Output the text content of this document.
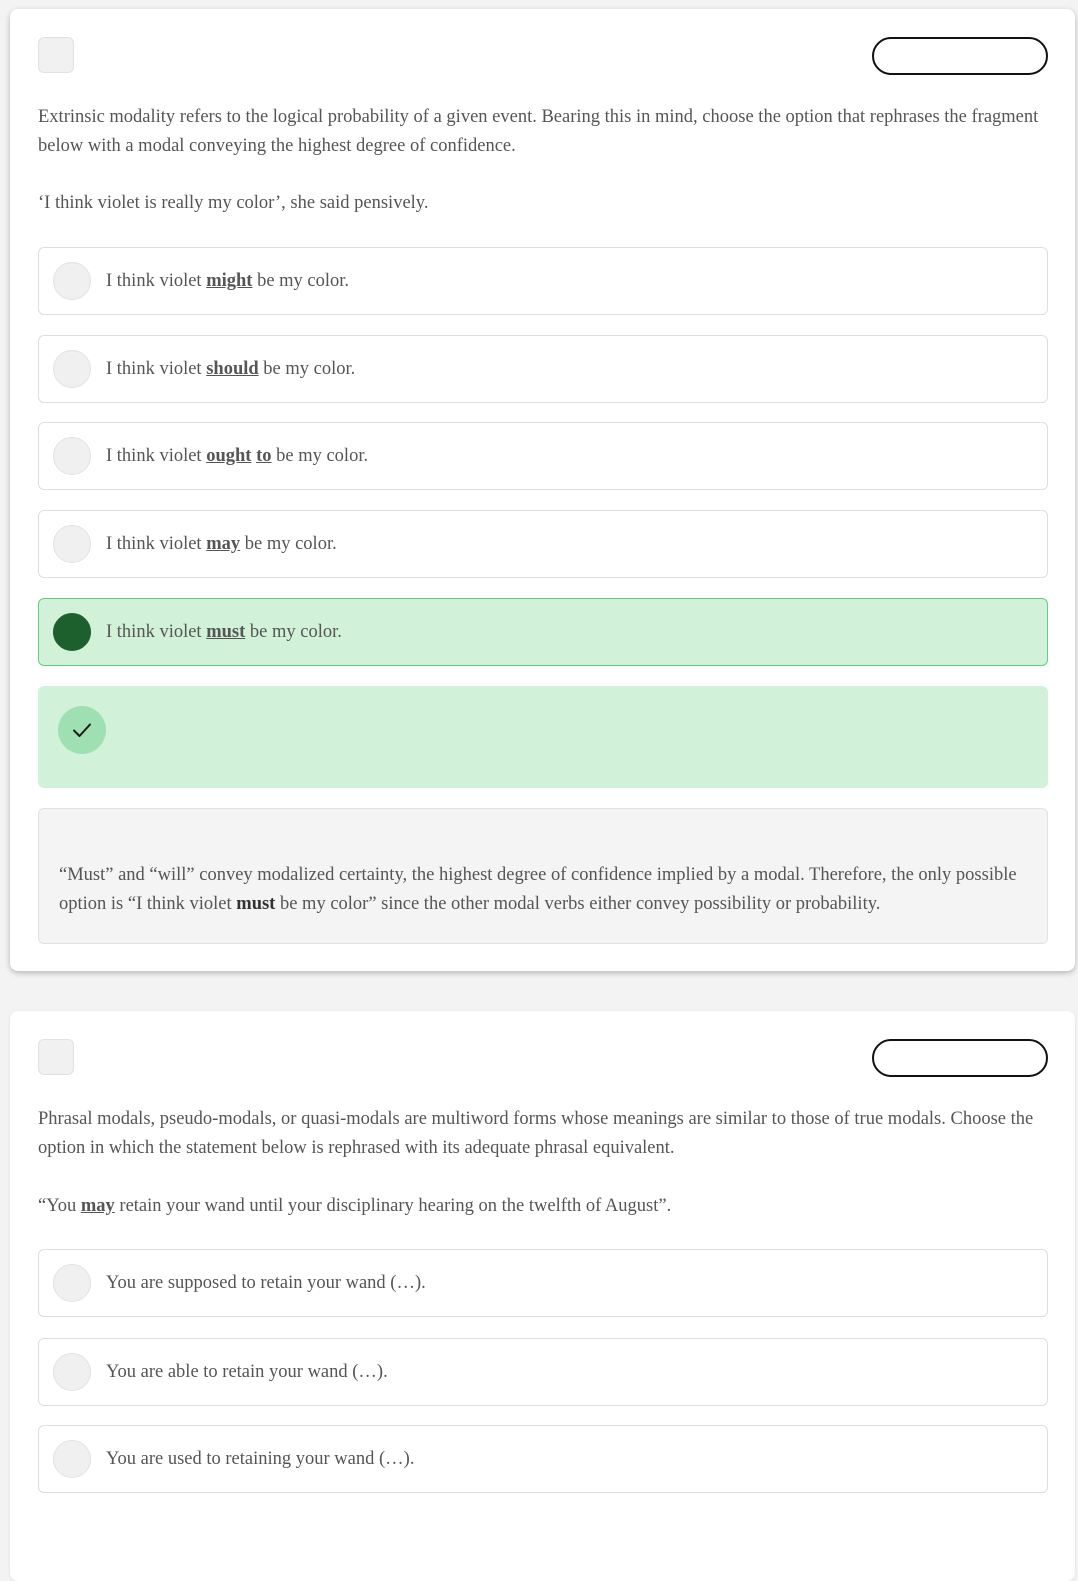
Extrinsic modality refers to the logical probability of a given event. Bearing this in mind, choose the option that rephrases the fragment below with a modal conveying the highest degree of confidence.

‘I think violet is really my color’, she said pensively.

I think violet might be my color.
I think violet should be my color.
I think violet ought to be my color.
I think violet may be my color.
I think violet must be my color.

“Must” and “will” convey modalized certainty, the highest degree of confidence implied by a modal. Therefore, the only possible option is “I think violet must be my color” since the other modal verbs either convey possibility or probability.

Phrasal modals, pseudo-modals, or quasi-modals are multiword forms whose meanings are similar to those of true modals. Choose the option in which the statement below is rephrased with its adequate phrasal equivalent.

“You may retain your wand until your disciplinary hearing on the twelfth of August”.

You are supposed to retain your wand (…).
You are able to retain your wand (…).
You are used to retaining your wand (…).
